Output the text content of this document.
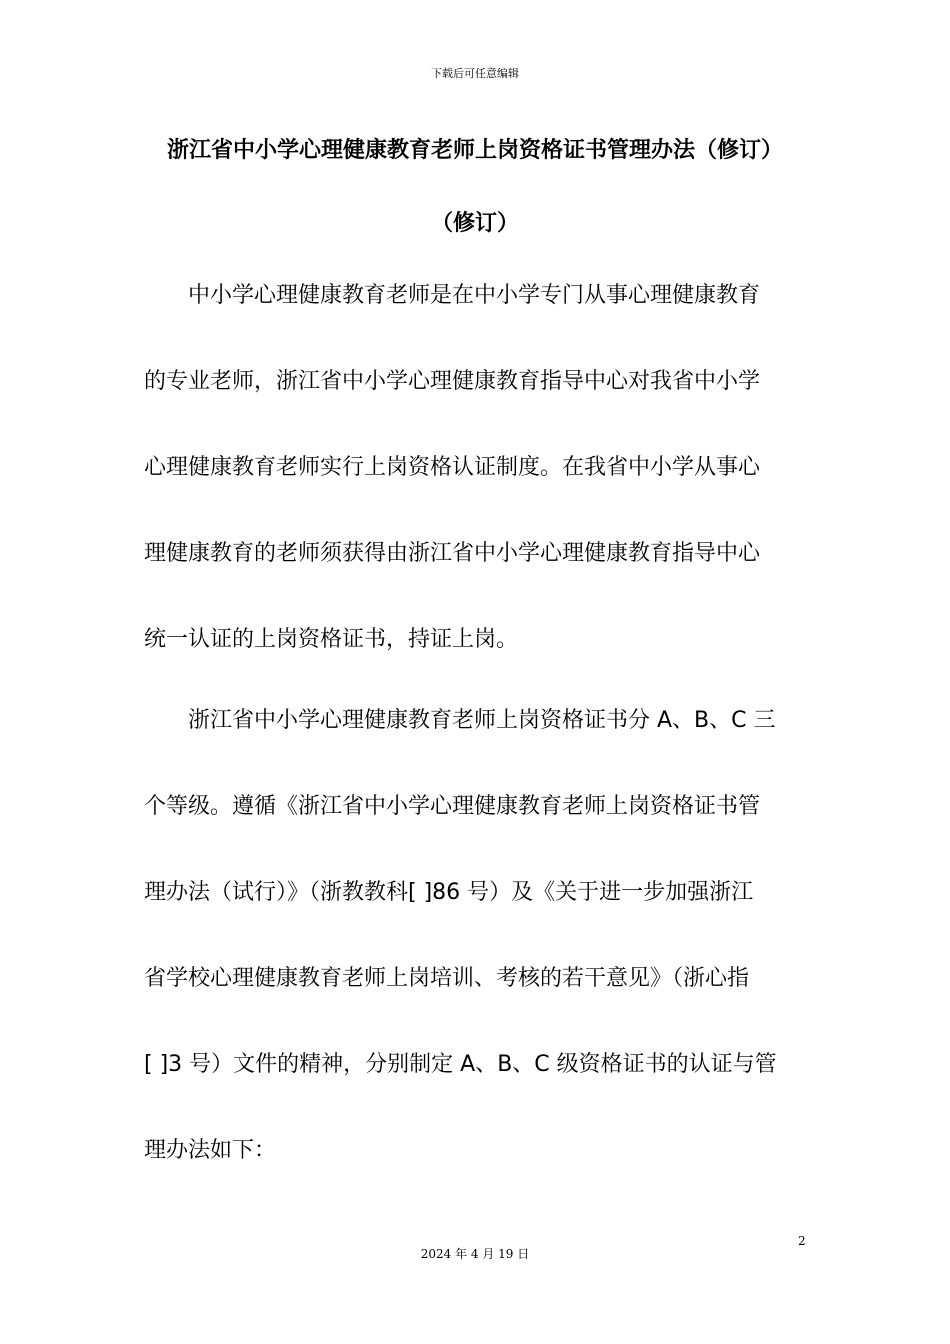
下载后可任意编辑
浙江省中小学心理健康教育老师上岗资格证书管理办法（修订）
（修订）
中小学心理健康教育老师是在中小学专门从事心理健康教育
的专业老师，浙江省中小学心理健康教育指导中心对我省中小学
心理健康教育老师实行上岗资格认证制度。在我省中小学从事心
理健康教育的老师须获得由浙江省中小学心理健康教育指导中心
统一认证的上岗资格证书，持证上岗。
浙江省中小学心理健康教育老师上岗资格证书分 A、B、C 三
个等级。遵循《浙江省中小学心理健康教育老师上岗资格证书管
理办法（试行）》（浙教教科[ ]86 号）及《关于进一步加强浙江
省学校心理健康教育老师上岗培训、考核的若干意见》（浙心指
[ ]3 号）文件的精神，分别制定 A、B、C 级资格证书的认证与管
理办法如下：
2
2024 年 4 月 19 日
